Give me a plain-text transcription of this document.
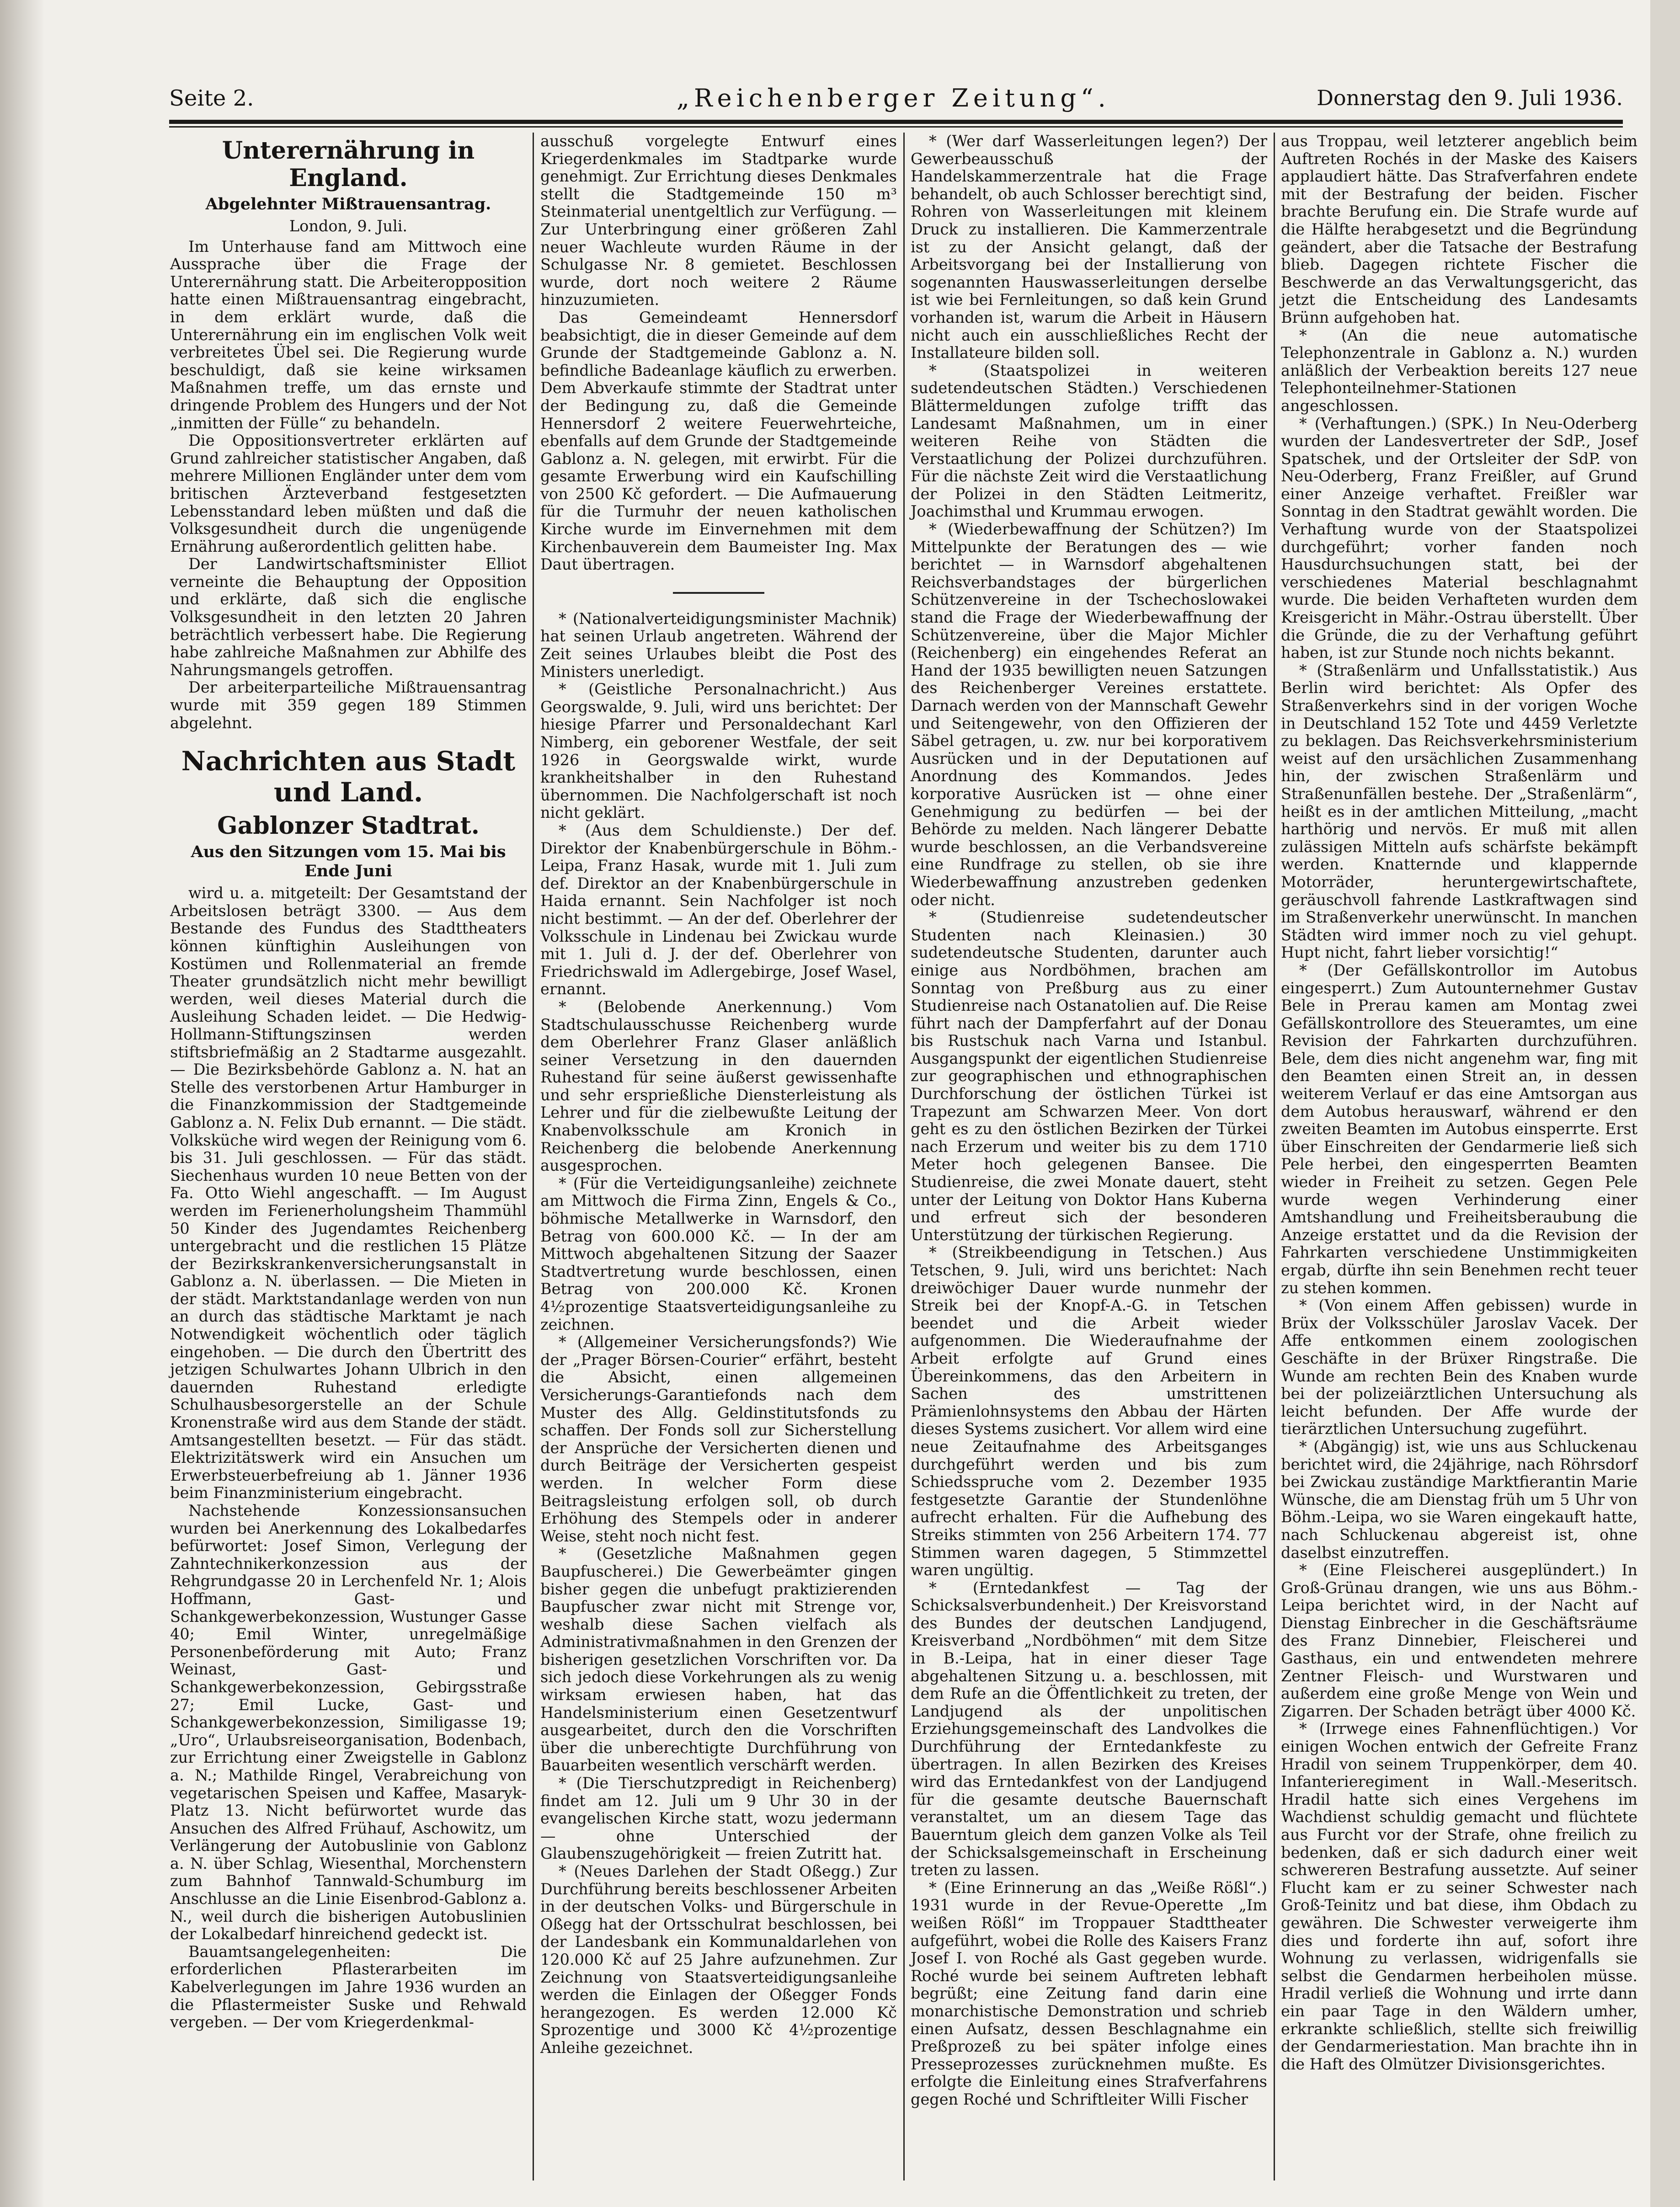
Seite 2.	„Reichenberger Zeitung“.	Donnerstag den 9. Juli 1936.
Unterernährung in England.
Abgelehnter Mißtrauensantrag.
London, 9. Juli.

Im Unterhause fand am Mittwoch eine Aussprache über die Frage der Unterernährung statt. Die Arbeiteropposition hatte einen Mißtrauensantrag eingebracht, in dem erklärt wurde, daß die Unterernährung ein im englischen Volk weit verbreitetes Übel sei. Die Regierung wurde beschuldigt, daß sie keine wirksamen Maßnahmen treffe, um das ernste und dringende Problem des Hungers und der Not „inmitten der Fülle“ zu behandeln.

Die Oppositionsvertreter erklärten auf Grund zahlreicher statistischer Angaben, daß mehrere Millionen Engländer unter dem vom britischen Ärzteverband festgesetzten Lebensstandard leben müßten und daß die Volksgesundheit durch die ungenügende Ernährung außerordentlich gelitten habe.

Der Landwirtschaftsminister Elliot verneinte die Behauptung der Opposition und erklärte, daß sich die englische Volksgesundheit in den letzten 20 Jahren beträchtlich verbessert habe. Die Regierung habe zahlreiche Maßnahmen zur Abhilfe des Nahrungsmangels getroffen.

Der arbeiterparteiliche Mißtrauensantrag wurde mit 359 gegen 189 Stimmen abgelehnt.

Nachrichten aus Stadt und Land.
Gablonzer Stadtrat.
Aus den Sitzungen vom 15. Mai bis Ende Juni

wird u. a. mitgeteilt: Der Gesamtstand der Arbeitslosen beträgt 3300. — Aus dem Bestande des Fundus des Stadttheaters können künftighin Ausleihungen von Kostümen und Rollenmaterial an fremde Theater grundsätzlich nicht mehr bewilligt werden, weil dieses Material durch die Ausleihung Schaden leidet. — Die Hedwig-Hollmann-Stiftungszinsen werden stiftsbriefmäßig an 2 Stadtarme ausgezahlt. — Die Bezirksbehörde Gablonz a. N. hat an Stelle des verstorbenen Artur Hamburger in die Finanzkommission der Stadtgemeinde Gablonz a. N. Felix Dub ernannt. — Die städt. Volksküche wird wegen der Reinigung vom 6. bis 31. Juli geschlossen. — Für das städt. Siechenhaus wurden 10 neue Betten von der Fa. Otto Wiehl angeschafft. — Im August werden im Ferienerholungsheim Thammühl 50 Kinder des Jugendamtes Reichenberg untergebracht und die restlichen 15 Plätze der Bezirkskrankenversicherungsanstalt in Gablonz a. N. überlassen. — Die Mieten in der städt. Marktstandanlage werden von nun an durch das städtische Marktamt je nach Notwendigkeit wöchentlich oder täglich eingehoben. — Die durch den Übertritt des jetzigen Schulwartes Johann Ulbrich in den dauernden Ruhestand erledigte Schulhausbesorgerstelle an der Schule Kronenstraße wird aus dem Stande der städt. Amtsangestellten besetzt. — Für das städt. Elektrizitätswerk wird ein Ansuchen um Erwerbsteuerbefreiung ab 1. Jänner 1936 beim Finanzministerium eingebracht.

Nachstehende Konzessionsansuchen wurden bei Anerkennung des Lokalbedarfes befürwortet: Josef Simon, Verlegung der Zahntechnikerkonzession aus der Rehgrundgasse 20 in Lerchenfeld Nr. 1; Alois Hoffmann, Gast- und Schankgewerbekonzession, Wustunger Gasse 40; Emil Winter, unregelmäßige Personenbeförderung mit Auto; Franz Weinast, Gast- und Schankgewerbekonzession, Gebirgsstraße 27; Emil Lucke, Gast- und Schankgewerbekonzession, Similigasse 19; „Uro“, Urlaubsreiseorganisation, Bodenbach, zur Errichtung einer Zweigstelle in Gablonz a. N.; Mathilde Ringel, Verabreichung von vegetarischen Speisen und Kaffee, Masaryk-Platz 13. Nicht befürwortet wurde das Ansuchen des Alfred Frühauf, Aschowitz, um Verlängerung der Autobuslinie von Gablonz a. N. über Schlag, Wiesenthal, Morchenstern zum Bahnhof Tannwald-Schumburg im Anschlusse an die Linie Eisenbrod-Gablonz a. N., weil durch die bisherigen Autobuslinien der Lokalbedarf hinreichend gedeckt ist.

Bauamtsangelegenheiten: Die erforderlichen Pflasterarbeiten im Kabelverlegungen im Jahre 1936 wurden an die Pflastermeister Suske und Rehwald vergeben. — Der vom Kriegerdenkmal-

ausschuß vorgelegte Entwurf eines Kriegerdenkmales im Stadtparke wurde genehmigt. Zur Errichtung dieses Denkmales stellt die Stadtgemeinde 150 m³ Steinmaterial unentgeltlich zur Verfügung. — Zur Unterbringung einer größeren Zahl neuer Wachleute wurden Räume in der Schulgasse Nr. 8 gemietet. Beschlossen wurde, dort noch weitere 2 Räume hinzuzumieten.

Das Gemeindeamt Hennersdorf beabsichtigt, die in dieser Gemeinde auf dem Grunde der Stadtgemeinde Gablonz a. N. befindliche Badeanlage käuflich zu erwerben. Dem Abverkaufe stimmte der Stadtrat unter der Bedingung zu, daß die Gemeinde Hennersdorf 2 weitere Feuerwehrteiche, ebenfalls auf dem Grunde der Stadtgemeinde Gablonz a. N. gelegen, mit erwirbt. Für die gesamte Erwerbung wird ein Kaufschilling von 2500 Kč gefordert. — Die Aufmauerung für die Turmuhr der neuen katholischen Kirche wurde im Einvernehmen mit dem Kirchenbauverein dem Baumeister Ing. Max Daut übertragen.

* (Nationalverteidigungsminister Machnik) hat seinen Urlaub angetreten. Während der Zeit seines Urlaubes bleibt die Post des Ministers unerledigt.

* (Geistliche Personalnachricht.) Aus Georgswalde, 9. Juli, wird uns berichtet: Der hiesige Pfarrer und Personaldechant Karl Nimberg, ein geborener Westfale, der seit 1926 in Georgswalde wirkt, wurde krankheitshalber in den Ruhestand übernommen. Die Nachfolgerschaft ist noch nicht geklärt.

* (Aus dem Schuldienste.) Der def. Direktor der Knabenbürgerschule in Böhm.-Leipa, Franz Hasak, wurde mit 1. Juli zum def. Direktor an der Knabenbürgerschule in Haida ernannt. Sein Nachfolger ist noch nicht bestimmt. — An der def. Oberlehrer der Volksschule in Lindenau bei Zwickau wurde mit 1. Juli d. J. der def. Oberlehrer von Friedrichswald im Adlergebirge, Josef Wasel, ernannt.

* (Belobende Anerkennung.) Vom Stadtschulausschusse Reichenberg wurde dem Oberlehrer Franz Glaser anläßlich seiner Versetzung in den dauernden Ruhestand für seine äußerst gewissenhafte und sehr ersprießliche Diensterleistung als Lehrer und für die zielbewußte Leitung der Knabenvolksschule am Kronich in Reichenberg die belobende Anerkennung ausgesprochen.

* (Für die Verteidigungsanleihe) zeichnete am Mittwoch die Firma Zinn, Engels & Co., böhmische Metallwerke in Warnsdorf, den Betrag von 600.000 Kč. — In der am Mittwoch abgehaltenen Sitzung der Saazer Stadtvertretung wurde beschlossen, einen Betrag von 200.000 Kč. Kronen 4½prozentige Staatsverteidigungsanleihe zu zeichnen.

* (Allgemeiner Versicherungsfonds?) Wie der „Prager Börsen-Courier“ erfährt, besteht die Absicht, einen allgemeinen Versicherungs-Garantiefonds nach dem Muster des Allg. Geldinstitutsfonds zu schaffen. Der Fonds soll zur Sicherstellung der Ansprüche der Versicherten dienen und durch Beiträge der Versicherten gespeist werden. In welcher Form diese Beitragsleistung erfolgen soll, ob durch Erhöhung des Stempels oder in anderer Weise, steht noch nicht fest.

* (Gesetzliche Maßnahmen gegen Baupfuscherei.) Die Gewerbeämter gingen bisher gegen die unbefugt praktizierenden Baupfuscher zwar nicht mit Strenge vor, weshalb diese Sachen vielfach als Administrativmaßnahmen in den Grenzen der bisherigen gesetzlichen Vorschriften vor. Da sich jedoch diese Vorkehrungen als zu wenig wirksam erwiesen haben, hat das Handelsministerium einen Gesetzentwurf ausgearbeitet, durch den die Vorschriften über die unberechtigte Durchführung von Bauarbeiten wesentlich verschärft werden.

* (Die Tierschutzpredigt in Reichenberg) findet am 12. Juli um 9 Uhr 30 in der evangelischen Kirche statt, wozu jedermann — ohne Unterschied der Glaubenszugehörigkeit — freien Zutritt hat.

* (Neues Darlehen der Stadt Oßegg.) Zur Durchführung bereits beschlossener Arbeiten in der deutschen Volks- und Bürgerschule in Oßegg hat der Ortsschulrat beschlossen, bei der Landesbank ein Kommunaldarlehen von 120.000 Kč auf 25 Jahre aufzunehmen. Zur Zeichnung von Staatsverteidigungsanleihe werden die Einlagen der Oßegger Fonds herangezogen. Es werden 12.000 Kč Sprozentige und 3000 Kč 4½prozentige Anleihe gezeichnet.

* (Wer darf Wasserleitungen legen?) Der Gewerbeausschuß der Handelskammerzentrale hat die Frage behandelt, ob auch Schlosser berechtigt sind, Rohren von Wasserleitungen mit kleinem Druck zu installieren. Die Kammerzentrale ist zu der Ansicht gelangt, daß der Arbeitsvorgang bei der Installierung von sogenannten Hauswasserleitungen derselbe ist wie bei Fernleitungen, so daß kein Grund vorhanden ist, warum die Arbeit in Häusern nicht auch ein ausschließliches Recht der Installateure bilden soll.

* (Staatspolizei in weiteren sudetendeutschen Städten.) Verschiedenen Blättermeldungen zufolge trifft das Landesamt Maßnahmen, um in einer weiteren Reihe von Städten die Verstaatlichung der Polizei durchzuführen. Für die nächste Zeit wird die Verstaatlichung der Polizei in den Städten Leitmeritz, Joachimsthal und Krummau erwogen.

* (Wiederbewaffnung der Schützen?) Im Mittelpunkte der Beratungen des — wie berichtet — in Warnsdorf abgehaltenen Reichsverbandstages der bürgerlichen Schützenvereine in der Tschechoslowakei stand die Frage der Wiederbewaffnung der Schützenvereine, über die Major Michler (Reichenberg) ein eingehendes Referat an Hand der 1935 bewilligten neuen Satzungen des Reichenberger Vereines erstattete. Darnach werden von der Mannschaft Gewehr und Seitengewehr, von den Offizieren der Säbel getragen, u. zw. nur bei korporativem Ausrücken und in der Deputationen auf Anordnung des Kommandos. Jedes korporative Ausrücken ist — ohne einer Genehmigung zu bedürfen — bei der Behörde zu melden. Nach längerer Debatte wurde beschlossen, an die Verbandsvereine eine Rundfrage zu stellen, ob sie ihre Wiederbewaffnung anzustreben gedenken oder nicht.

* (Studienreise sudetendeutscher Studenten nach Kleinasien.) 30 sudetendeutsche Studenten, darunter auch einige aus Nordböhmen, brachen am Sonntag von Preßburg aus zu einer Studienreise nach Ostanatolien auf. Die Reise führt nach der Dampferfahrt auf der Donau bis Rustschuk nach Varna und Istanbul. Ausgangspunkt der eigentlichen Studienreise zur geographischen und ethnographischen Durchforschung der östlichen Türkei ist Trapezunt am Schwarzen Meer. Von dort geht es zu den östlichen Bezirken der Türkei nach Erzerum und weiter bis zu dem 1710 Meter hoch gelegenen Bansee. Die Studienreise, die zwei Monate dauert, steht unter der Leitung von Doktor Hans Kuberna und erfreut sich der besonderen Unterstützung der türkischen Regierung.

* (Streikbeendigung in Tetschen.) Aus Tetschen, 9. Juli, wird uns berichtet: Nach dreiwöchiger Dauer wurde nunmehr der Streik bei der Knopf-A.-G. in Tetschen beendet und die Arbeit wieder aufgenommen. Die Wiederaufnahme der Arbeit erfolgte auf Grund eines Übereinkommens, das den Arbeitern in Sachen des umstrittenen Prämienlohnsystems den Abbau der Härten dieses Systems zusichert. Vor allem wird eine neue Zeitaufnahme des Arbeitsganges durchgeführt werden und bis zum Schiedsspruche vom 2. Dezember 1935 festgesetzte Garantie der Stundenlöhne aufrecht erhalten. Für die Aufhebung des Streiks stimmten von 256 Arbeitern 174. 77 Stimmen waren dagegen, 5 Stimmzettel waren ungültig.

* (Erntedankfest — Tag der Schicksalsverbundenheit.) Der Kreisvorstand des Bundes der deutschen Landjugend, Kreisverband „Nordböhmen“ mit dem Sitze in B.-Leipa, hat in einer dieser Tage abgehaltenen Sitzung u. a. beschlossen, mit dem Rufe an die Öffentlichkeit zu treten, der Landjugend als der unpolitischen Erziehungsgemeinschaft des Landvolkes die Durchführung der Erntedankfeste zu übertragen. In allen Bezirken des Kreises wird das Erntedankfest von der Landjugend für die gesamte deutsche Bauernschaft veranstaltet, um an diesem Tage das Bauerntum gleich dem ganzen Volke als Teil der Schicksalsgemeinschaft in Erscheinung treten zu lassen.

* (Eine Erinnerung an das „Weiße Rößl“.) 1931 wurde in der Revue-Operette „Im weißen Rößl“ im Troppauer Stadttheater aufgeführt, wobei die Rolle des Kaisers Franz Josef I. von Roché als Gast gegeben wurde. Roché wurde bei seinem Auftreten lebhaft begrüßt; eine Zeitung fand darin eine monarchistische Demonstration und schrieb einen Aufsatz, dessen Beschlagnahme ein Preßprozeß zu bei später infolge eines Presseprozesses zurücknehmen mußte. Es erfolgte die Einleitung eines Strafverfahrens gegen Roché und Schriftleiter Willi Fischer

aus Troppau, weil letzterer angeblich beim Auftreten Rochés in der Maske des Kaisers applaudiert hätte. Das Strafverfahren endete mit der Bestrafung der beiden. Fischer brachte Berufung ein. Die Strafe wurde auf die Hälfte herabgesetzt und die Begründung geändert, aber die Tatsache der Bestrafung blieb. Dagegen richtete Fischer die Beschwerde an das Verwaltungsgericht, das jetzt die Entscheidung des Landesamts Brünn aufgehoben hat.

* (An die neue automatische Telephonzentrale in Gablonz a. N.) wurden anläßlich der Verbeaktion bereits 127 neue Telephonteilnehmer-Stationen angeschlossen.

* (Verhaftungen.) (SPK.) In Neu-Oderberg wurden der Landesvertreter der SdP., Josef Spatschek, und der Ortsleiter der SdP. von Neu-Oderberg, Franz Freißler, auf Grund einer Anzeige verhaftet. Freißler war Sonntag in den Stadtrat gewählt worden. Die Verhaftung wurde von der Staatspolizei durchgeführt; vorher fanden noch Hausdurchsuchungen statt, bei der verschiedenes Material beschlagnahmt wurde. Die beiden Verhafteten wurden dem Kreisgericht in Mähr.-Ostrau überstellt. Über die Gründe, die zu der Verhaftung geführt haben, ist zur Stunde noch nichts bekannt.

* (Straßenlärm und Unfallsstatistik.) Aus Berlin wird berichtet: Als Opfer des Straßenverkehrs sind in der vorigen Woche in Deutschland 152 Tote und 4459 Verletzte zu beklagen. Das Reichsverkehrsministerium weist auf den ursächlichen Zusammenhang hin, der zwischen Straßenlärm und Straßenunfällen bestehe. Der „Straßenlärm“, heißt es in der amtlichen Mitteilung, „macht harthörig und nervös. Er muß mit allen zulässigen Mitteln aufs schärfste bekämpft werden. Knatternde und klappernde Motorräder, heruntergewirtschaftete, geräuschvoll fahrende Lastkraftwagen sind im Straßenverkehr unerwünscht. In manchen Städten wird immer noch zu viel gehupt. Hupt nicht, fahrt lieber vorsichtig!“

* (Der Gefällskontrollor im Autobus eingesperrt.) Zum Autounternehmer Gustav Bele in Prerau kamen am Montag zwei Gefällskontrollore des Steueramtes, um eine Revision der Fahrkarten durchzuführen. Bele, dem dies nicht angenehm war, fing mit den Beamten einen Streit an, in dessen weiterem Verlauf er das eine Amtsorgan aus dem Autobus herauswarf, während er den zweiten Beamten im Autobus einsperrte. Erst über Einschreiten der Gendarmerie ließ sich Pele herbei, den eingesperrten Beamten wieder in Freiheit zu setzen. Gegen Pele wurde wegen Verhinderung einer Amtshandlung und Freiheitsberaubung die Anzeige erstattet und da die Revision der Fahrkarten verschiedene Unstimmigkeiten ergab, dürfte ihn sein Benehmen recht teuer zu stehen kommen.

* (Von einem Affen gebissen) wurde in Brüx der Volksschüler Jaroslav Vacek. Der Affe entkommen einem zoologischen Geschäfte in der Brüxer Ringstraße. Die Wunde am rechten Bein des Knaben wurde bei der polizeiärztlichen Untersuchung als leicht befunden. Der Affe wurde der tierärztlichen Untersuchung zugeführt.

* (Abgängig) ist, wie uns aus Schluckenau berichtet wird, die 24jährige, nach Röhrsdorf bei Zwickau zuständige Marktfierantin Marie Wünsche, die am Dienstag früh um 5 Uhr von Böhm.-Leipa, wo sie Waren eingekauft hatte, nach Schluckenau abgereist ist, ohne daselbst einzutreffen.

* (Eine Fleischerei ausgeplündert.) In Groß-Grünau drangen, wie uns aus Böhm.-Leipa berichtet wird, in der Nacht auf Dienstag Einbrecher in die Geschäftsräume des Franz Dinnebier, Fleischerei und Gasthaus, ein und entwendeten mehrere Zentner Fleisch- und Wurstwaren und außerdem eine große Menge von Wein und Zigarren. Der Schaden beträgt über 4000 Kč.

* (Irrwege eines Fahnenflüchtigen.) Vor einigen Wochen entwich der Gefreite Franz Hradil von seinem Truppenkörper, dem 40. Infanterieregiment in Wall.-Meseritsch. Hradil hatte sich eines Vergehens im Wachdienst schuldig gemacht und flüchtete aus Furcht vor der Strafe, ohne freilich zu bedenken, daß er sich dadurch einer weit schwereren Bestrafung aussetzte. Auf seiner Flucht kam er zu seiner Schwester nach Groß-Teinitz und bat diese, ihm Obdach zu gewähren. Die Schwester verweigerte ihm dies und forderte ihn auf, sofort ihre Wohnung zu verlassen, widrigenfalls sie selbst die Gendarmen herbeiholen müsse. Hradil verließ die Wohnung und irrte dann ein paar Tage in den Wäldern umher, erkrankte schließlich, stellte sich freiwillig der Gendarmeriestation. Man brachte ihn in die Haft des Olmützer Divisionsgerichtes.
